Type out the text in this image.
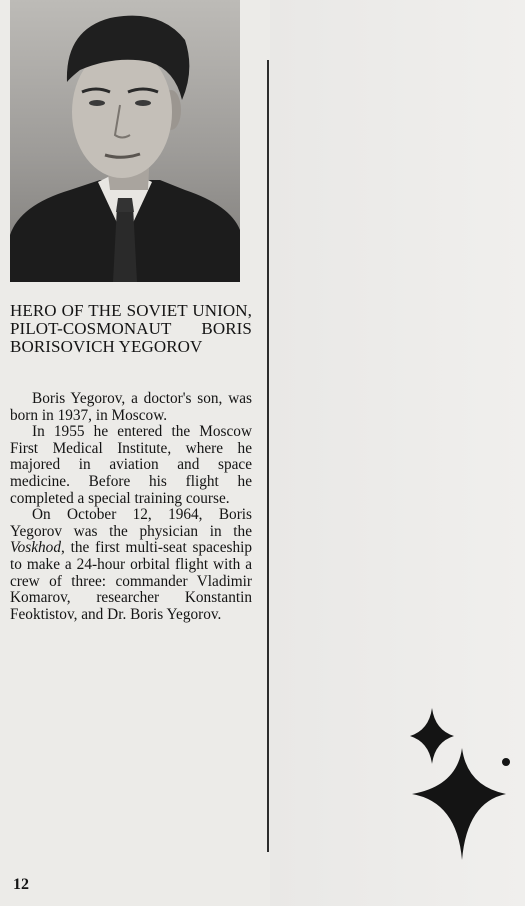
HERO OF THE SOVIET UNION, PILOT-COSMONAUT BORIS BORISOVICH YEGOROV

Boris Yegorov, a doctor's son, was born in 1937, in Moscow.

In 1955 he entered the Moscow First Medical Institute, where he majored in aviation and space medicine. Before his flight he completed a special training course.

On October 12, 1964, Boris Yegorov was the physician in the Voskhod, the first multi-seat spaceship to make a 24-hour orbital flight with a crew of three: commander Vladimir Komarov, researcher Konstantin Feoktistov, and Dr. Boris Yegorov.

12
